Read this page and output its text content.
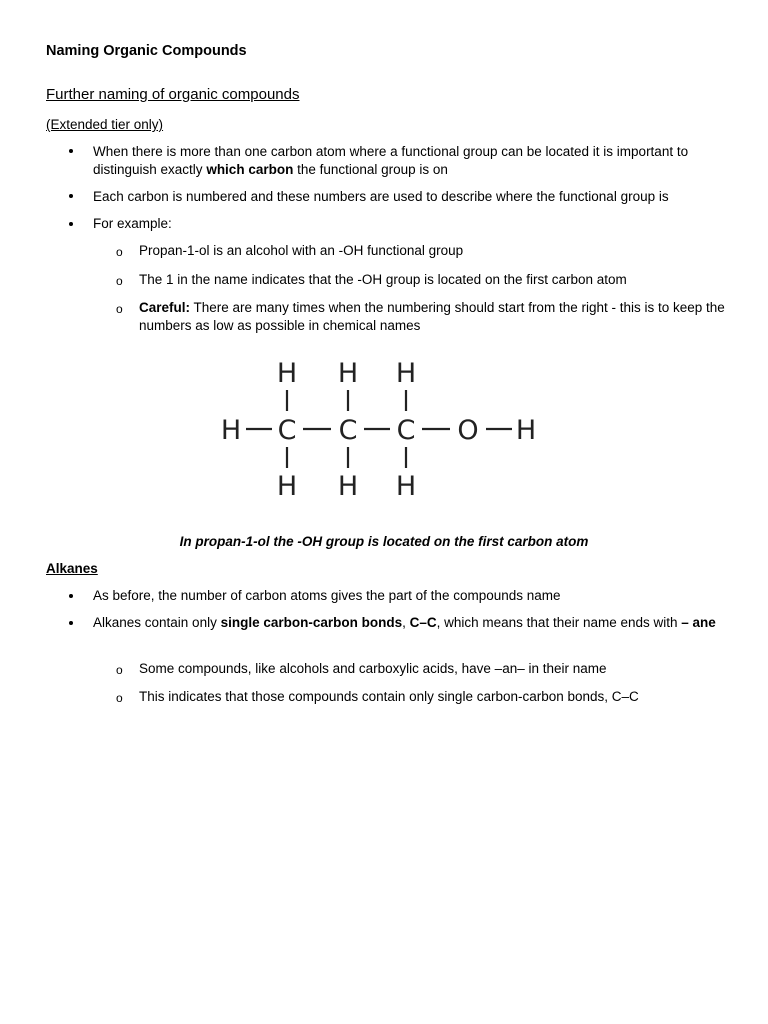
Naming Organic Compounds
Further naming of organic compounds
(Extended tier only)
When there is more than one carbon atom where a functional group can be located it is important to distinguish exactly which carbon the functional group is on
Each carbon is numbered and these numbers are used to describe where the functional group is
For example:
o Propan-1-ol is an alcohol with an -OH functional group
o The 1 in the name indicates that the -OH group is located on the first carbon atom
o Careful: There are many times when the numbering should start from the right - this is to keep the numbers as low as possible in chemical names
H H H
H C C C O H
H H H
In propan-1-ol the -OH group is located on the first carbon atom
Alkanes
As before, the number of carbon atoms gives the part of the compounds name
Alkanes contain only single carbon-carbon bonds, C–C, which means that their name ends with – ane
o Some compounds, like alcohols and carboxylic acids, have –an– in their name
o This indicates that those compounds contain only single carbon-carbon bonds, C–C
